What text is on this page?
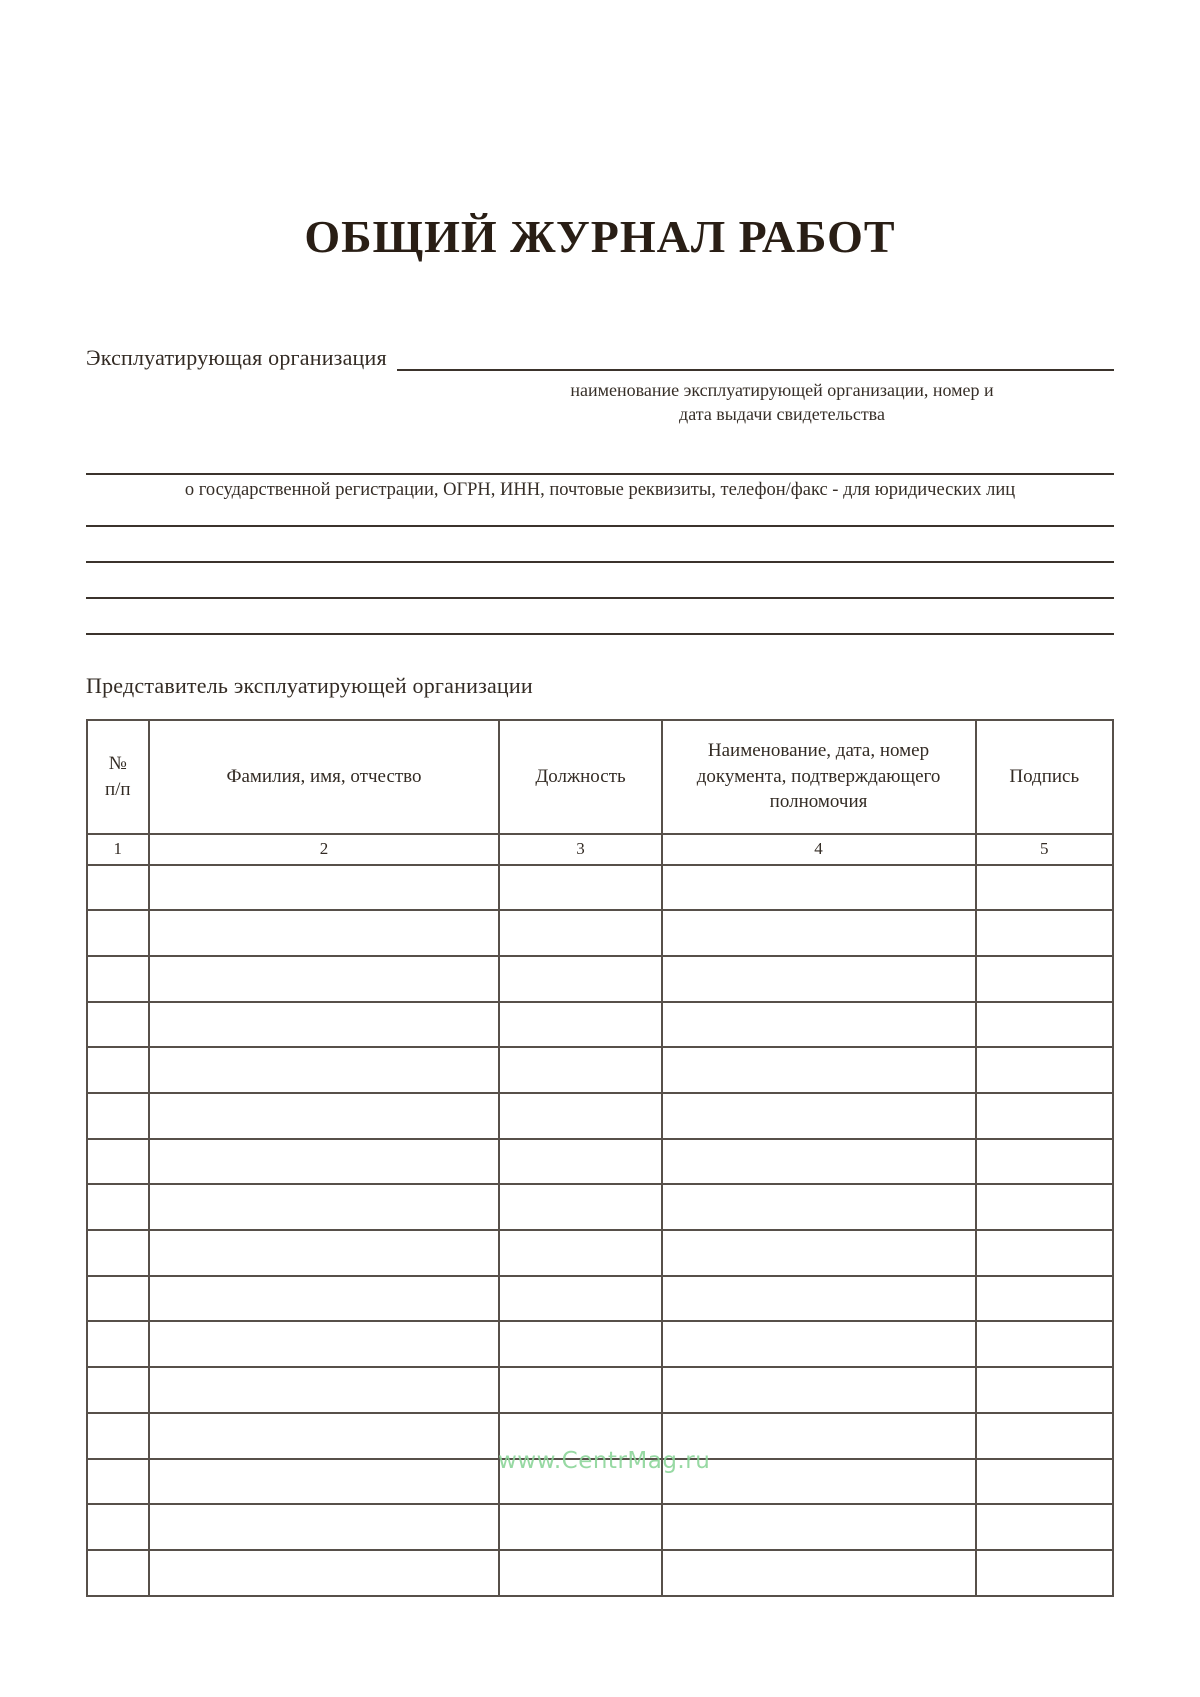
ОБЩИЙ ЖУРНАЛ РАБОТ
Эксплуатирующая организация
наименование эксплуатирующей организации, номер и
дата выдачи свидетельства
о государственной регистрации, ОГРН, ИНН, почтовые реквизиты, телефон/факс - для юридических лиц
Представитель эксплуатирующей организации
№
п/п	Фамилия, имя, отчество	Должность	Наименование, дата, номер документа, подтверждающего полномочия	Подпись
1	2	3	4	5

www.CentrMag.ru
